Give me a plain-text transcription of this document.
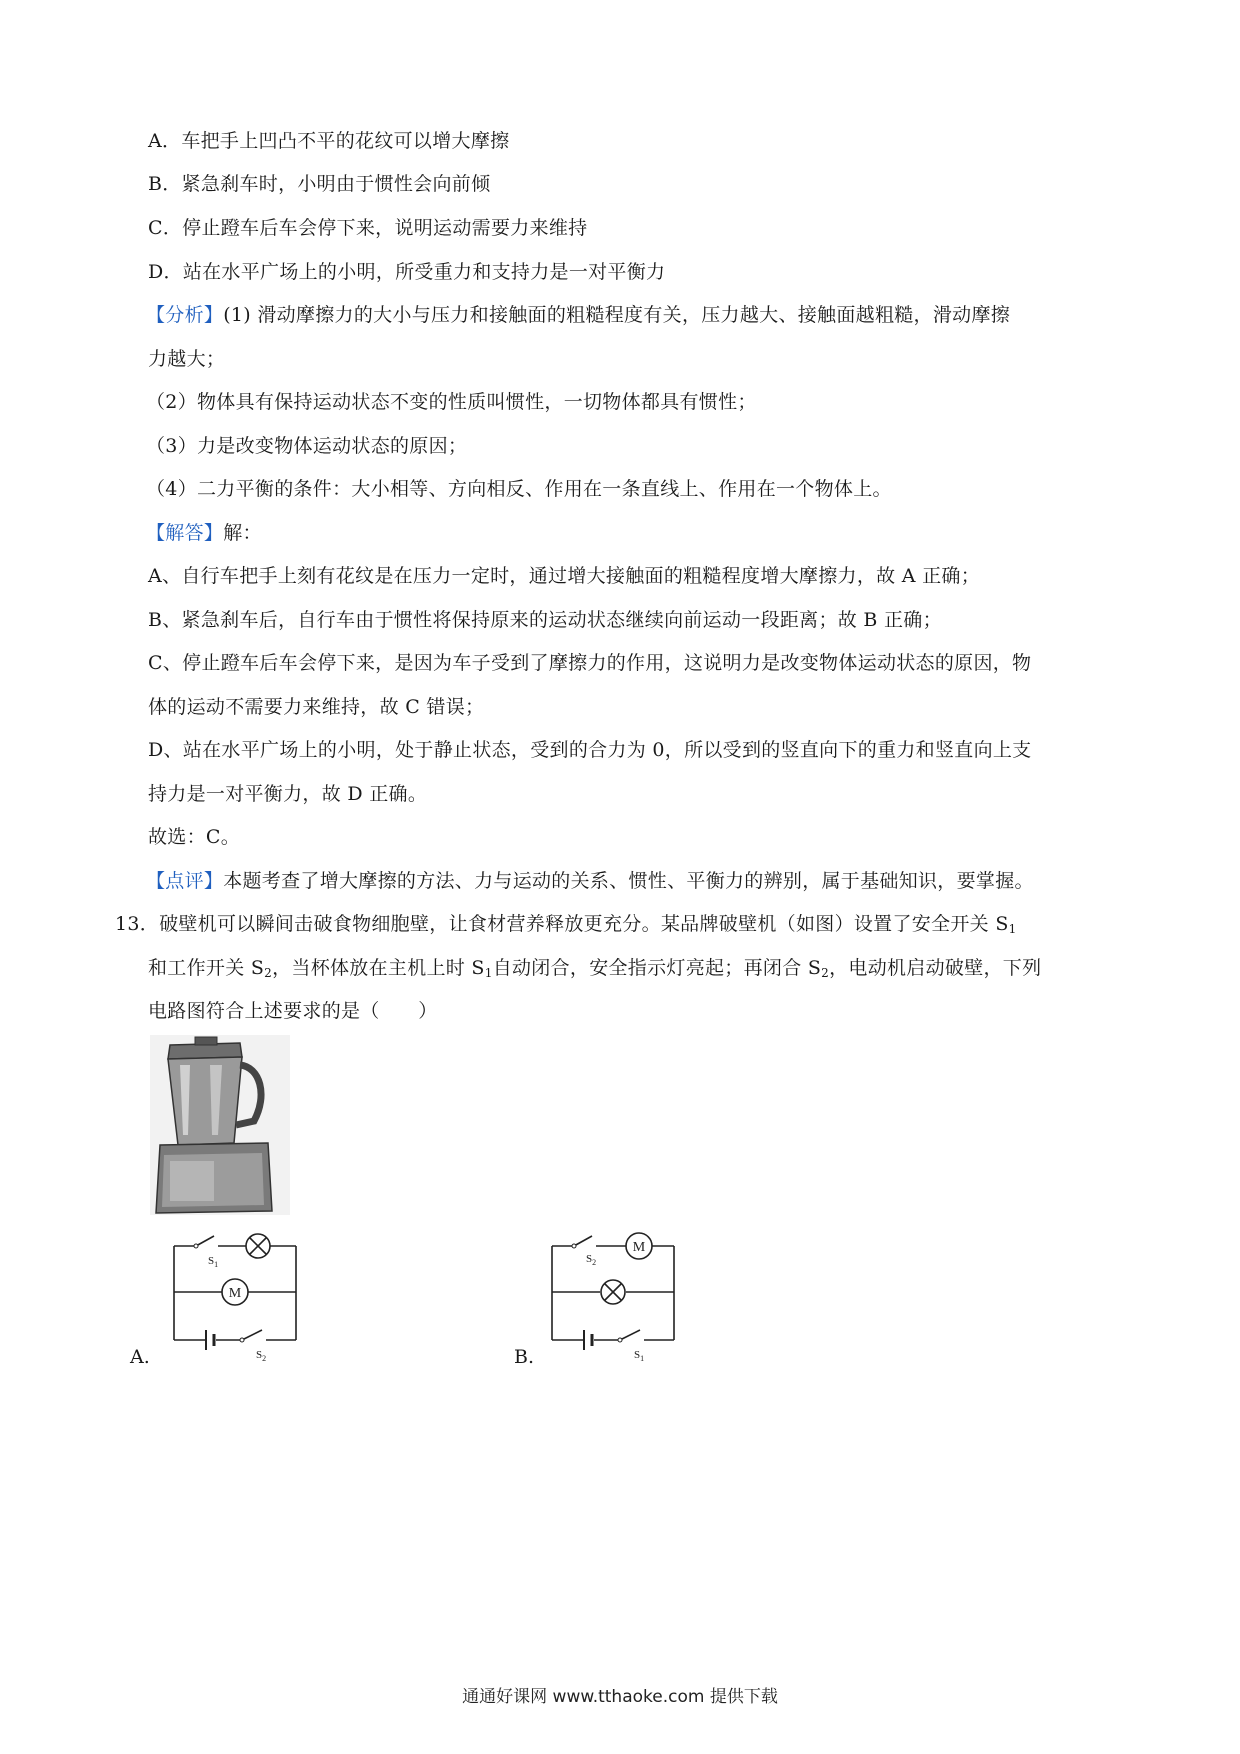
A．车把手上凹凸不平的花纹可以增大摩擦
B．紧急刹车时，小明由于惯性会向前倾
C．停止蹬车后车会停下来，说明运动需要力来维持
D．站在水平广场上的小明，所受重力和支持力是一对平衡力
【分析】(1) 滑动摩擦力的大小与压力和接触面的粗糙程度有关，压力越大、接触面越粗糙，滑动摩擦
力越大；
（2）物体具有保持运动状态不变的性质叫惯性，一切物体都具有惯性；
（3）力是改变物体运动状态的原因；
（4）二力平衡的条件：大小相等、方向相反、作用在一条直线上、作用在一个物体上。
【解答】解：
A、自行车把手上刻有花纹是在压力一定时，通过增大接触面的粗糙程度增大摩擦力，故 A 正确；
B、紧急刹车后，自行车由于惯性将保持原来的运动状态继续向前运动一段距离；故 B 正确；
C、停止蹬车后车会停下来，是因为车子受到了摩擦力的作用，这说明力是改变物体运动状态的原因，物
体的运动不需要力来维持，故 C 错误；
D、站在水平广场上的小明，处于静止状态，受到的合力为 0，所以受到的竖直向下的重力和竖直向上支
持力是一对平衡力，故 D 正确。
故选：C。
【点评】本题考查了增大摩擦的方法、力与运动的关系、惯性、平衡力的辨别，属于基础知识，要掌握。
13．破壁机可以瞬间击破食物细胞壁，让食材营养释放更充分。某品牌破壁机（如图）设置了安全开关 $S_1$
和工作开关 $S_2$，当杯体放在主机上时 $S_1$自动闭合，安全指示灯亮起；再闭合 $S_2$，电动机启动破壁，下列
电路图符合上述要求的是（　　）
M
$S_1$
$S_2$
A.
M
$S_2$
$S_1$
B.
通通好课网 www.tthaoke.com 提供下载
